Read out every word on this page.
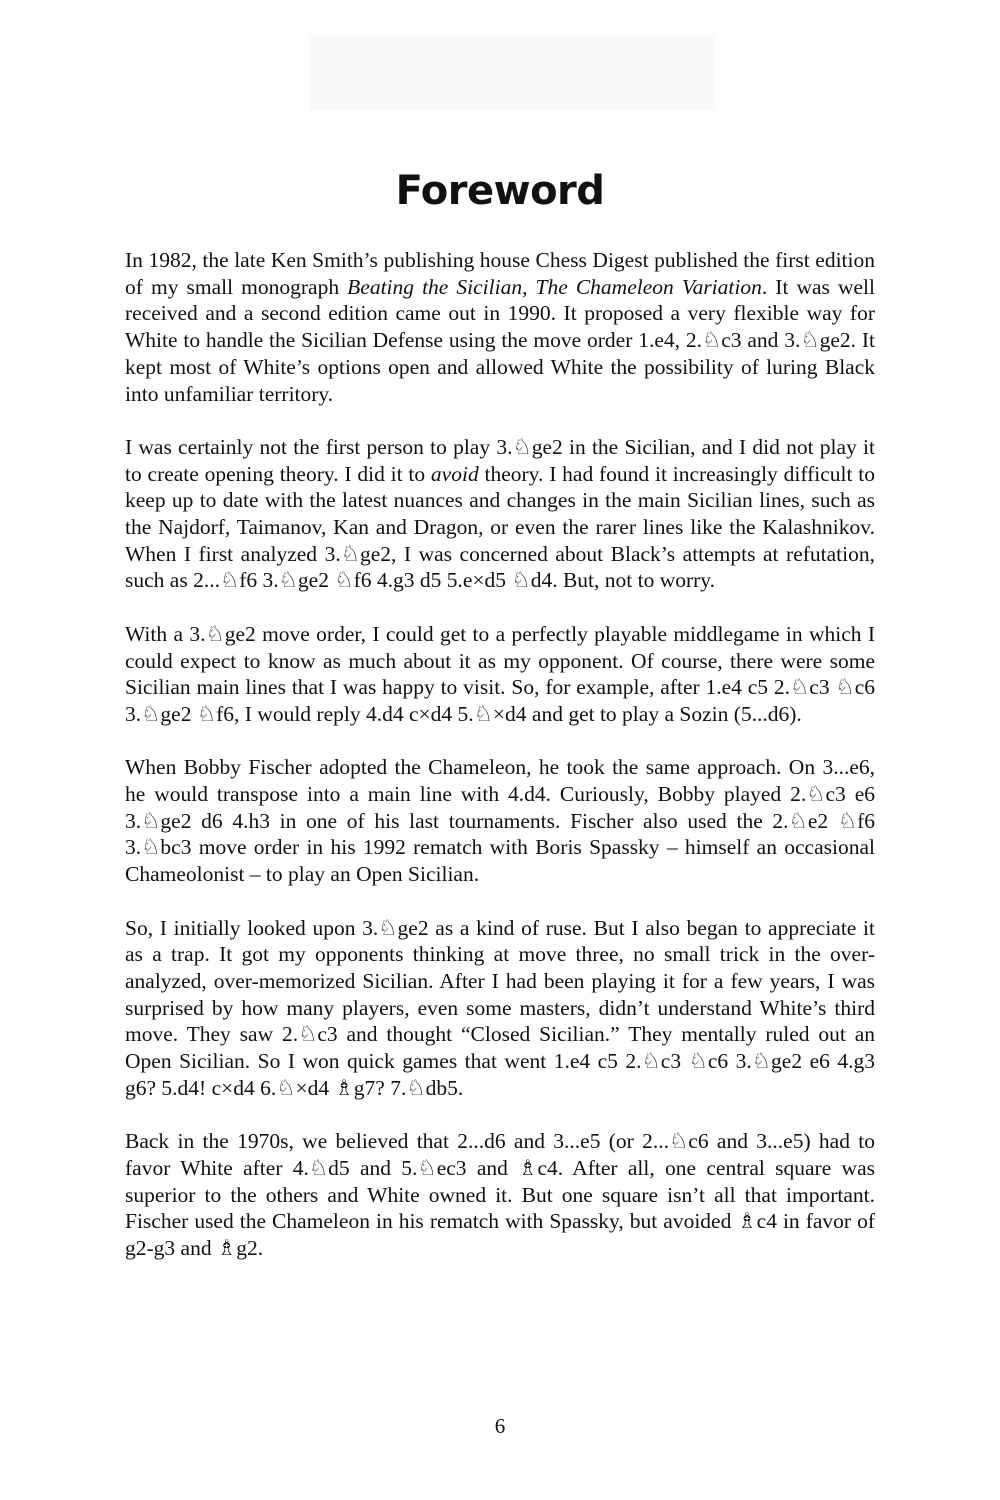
Foreword

In 1982, the late Ken Smith’s publishing house Chess Digest published the first edition of my small monograph Beating the Sicilian, The Chameleon Variation. It was well received and a second edition came out in 1990. It proposed a very flexible way for White to handle the Sicilian Defense using the move order 1.e4, 2.♘c3 and 3.♘ge2. It kept most of White’s options open and allowed White the possibility of luring Black into unfamiliar territory.

I was certainly not the first person to play 3.♘ge2 in the Sicilian, and I did not play it to create opening theory. I did it to avoid theory. I had found it increasingly difficult to keep up to date with the latest nuances and changes in the main Sicilian lines, such as the Najdorf, Taimanov, Kan and Dragon, or even the rarer lines like the Kalashnikov. When I first analyzed 3.♘ge2, I was concerned about Black’s attempts at refutation, such as 2...♘f6 3.♘ge2 ♘f6 4.g3 d5 5.e×d5 ♘d4. But, not to worry.

With a 3.♘ge2 move order, I could get to a perfectly playable middlegame in which I could expect to know as much about it as my opponent. Of course, there were some Sicilian main lines that I was happy to visit. So, for example, after 1.e4 c5 2.♘c3 ♘c6 3.♘ge2 ♘f6, I would reply 4.d4 c×d4 5.♘×d4 and get to play a Sozin (5...d6).

When Bobby Fischer adopted the Chameleon, he took the same approach. On 3...e6, he would transpose into a main line with 4.d4. Curiously, Bobby played 2.♘c3 e6 3.♘ge2 d6 4.h3 in one of his last tournaments. Fischer also used the 2.♘e2 ♘f6 3.♘bc3 move order in his 1992 rematch with Boris Spassky – himself an occasional Chameolonist – to play an Open Sicilian.

So, I initially looked upon 3.♘ge2 as a kind of ruse. But I also began to appreciate it as a trap. It got my opponents thinking at move three, no small trick in the over-analyzed, over-memorized Sicilian. After I had been playing it for a few years, I was surprised by how many players, even some masters, didn’t understand White’s third move. They saw 2.♘c3 and thought “Closed Sicilian.” They mentally ruled out an Open Sicilian. So I won quick games that went 1.e4 c5 2.♘c3 ♘c6 3.♘ge2 e6 4.g3 g6? 5.d4! c×d4 6.♘×d4 ♗g7? 7.♘db5.

Back in the 1970s, we believed that 2...d6 and 3...e5 (or 2...♘c6 and 3...e5) had to favor White after 4.♘d5 and 5.♘ec3 and ♗c4. After all, one central square was superior to the others and White owned it. But one square isn’t all that important. Fischer used the Chameleon in his rematch with Spassky, but avoided ♗c4 in favor of g2-g3 and ♗g2.

6
